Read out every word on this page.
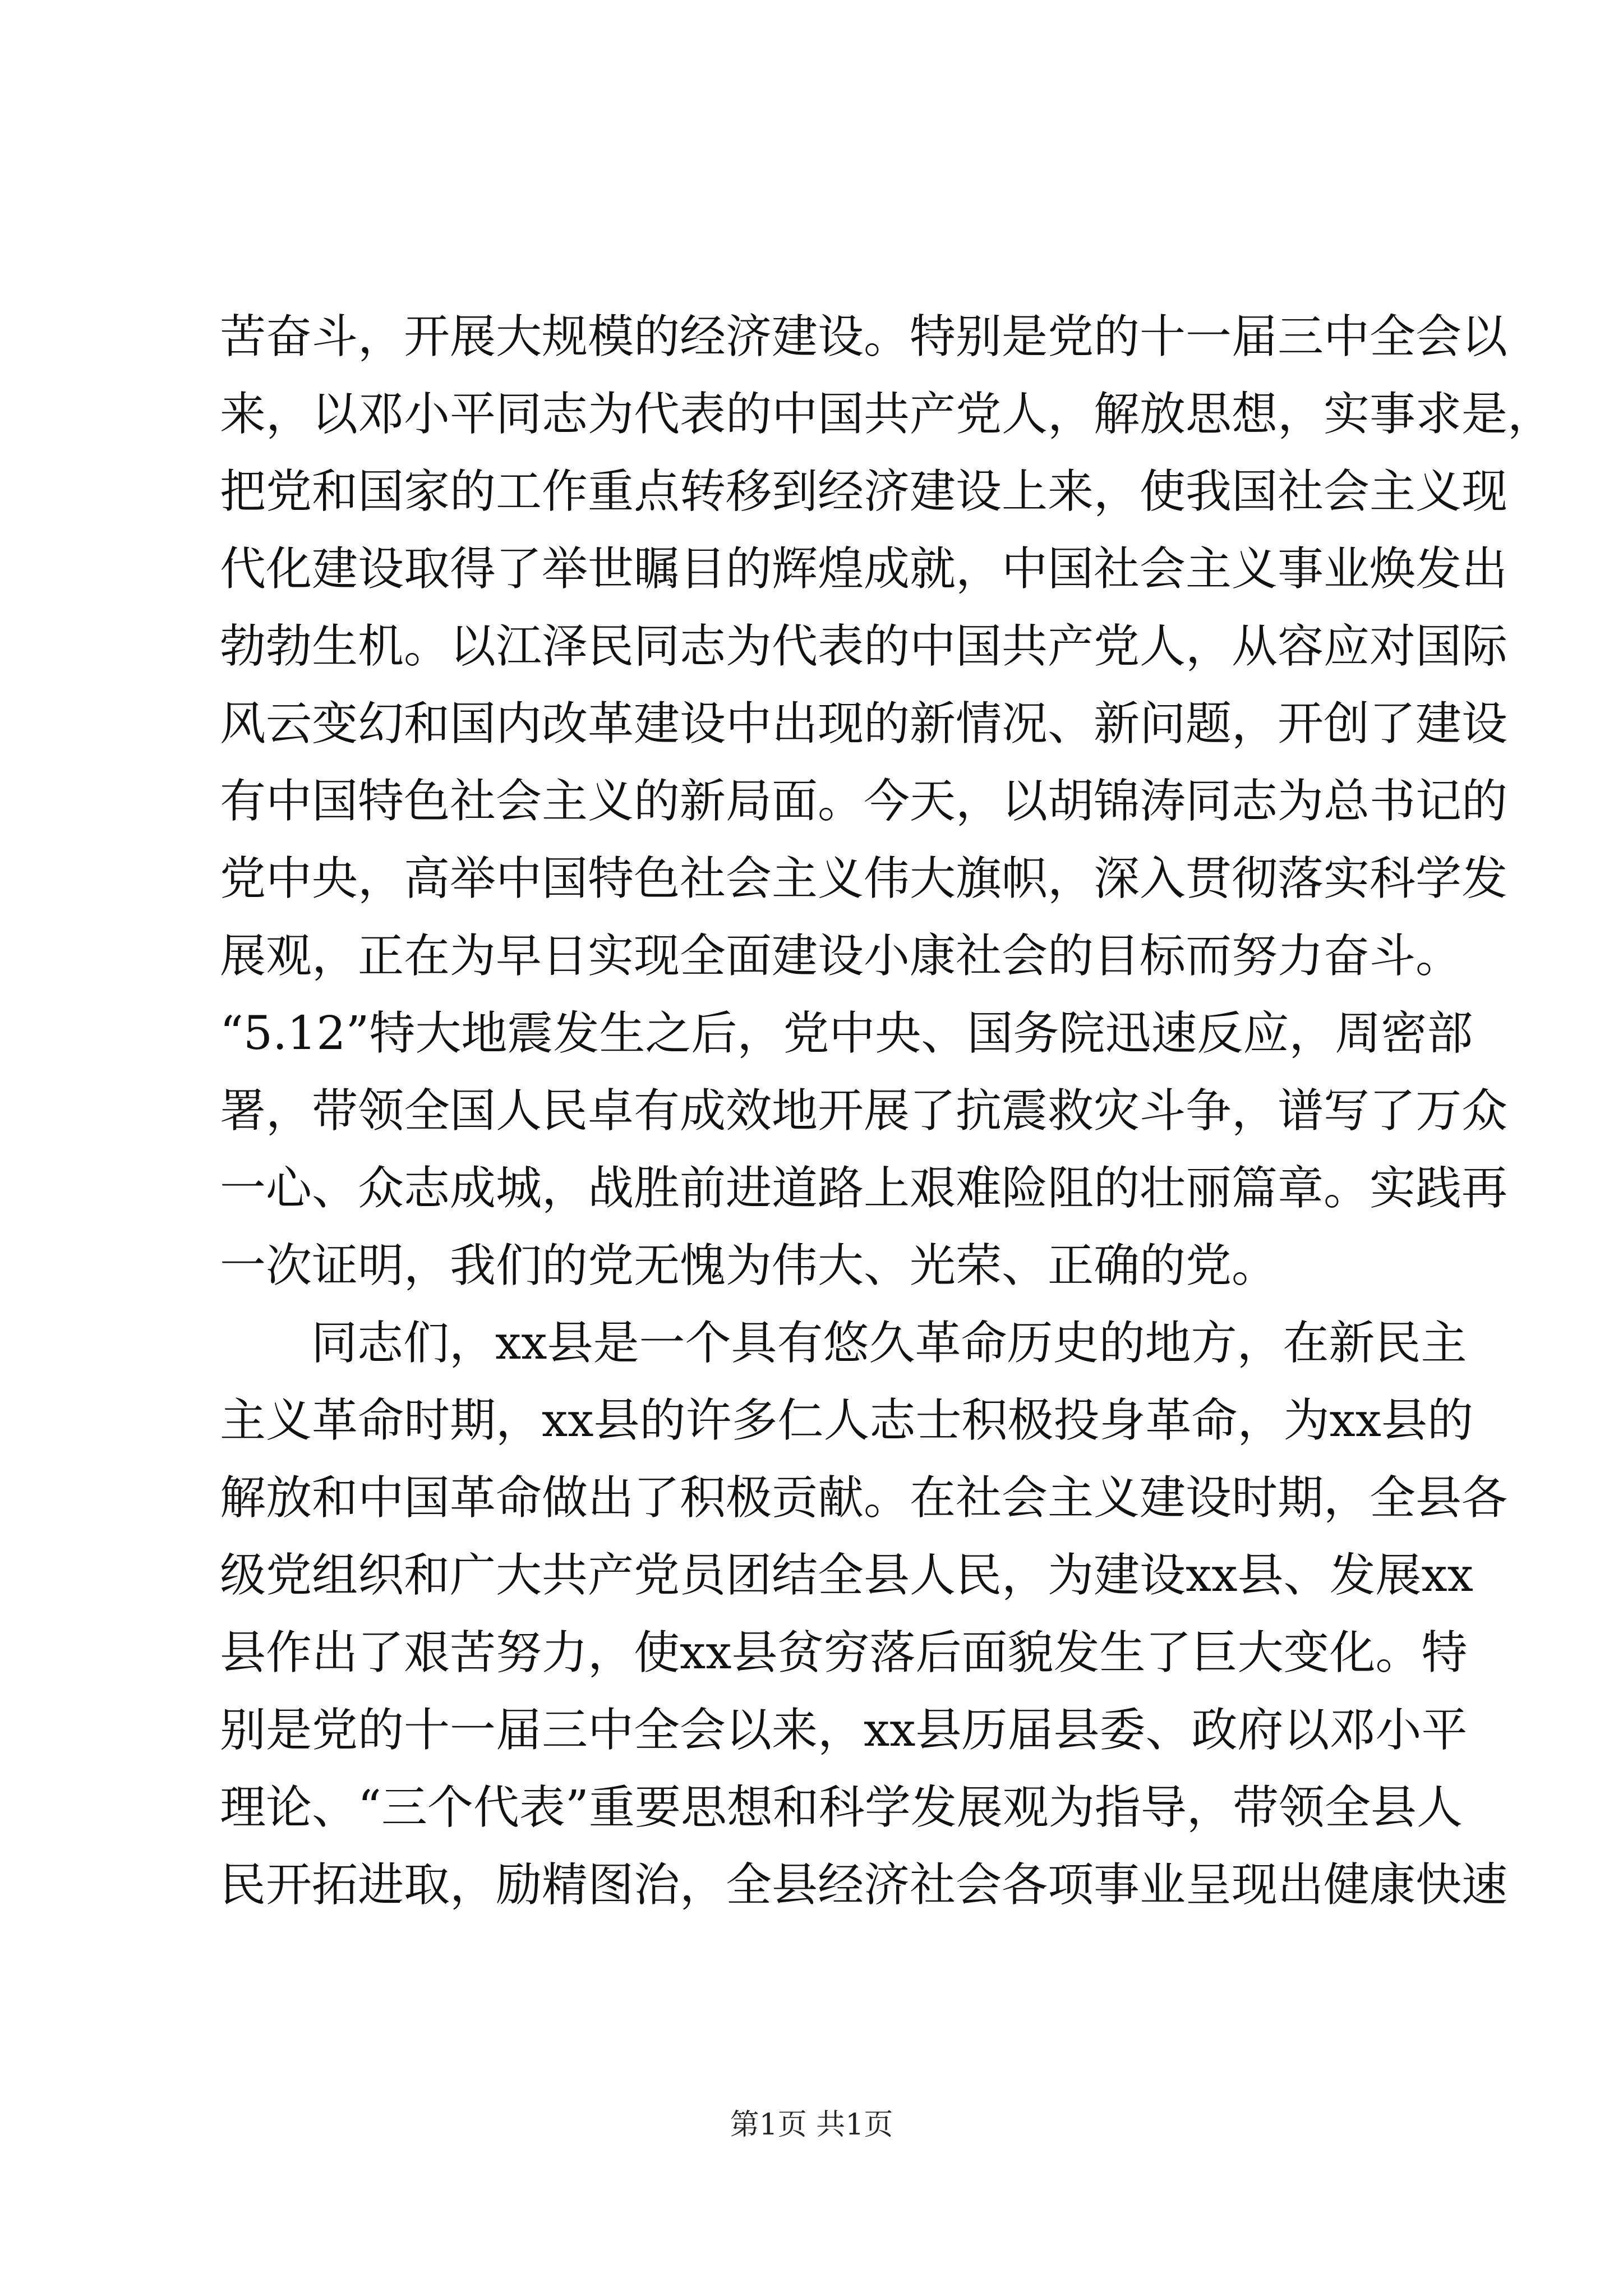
苦奋斗，开展大规模的经济建设。特别是党的十一届三中全会以
来，以邓小平同志为代表的中国共产党人，解放思想，实事求是，
把党和国家的工作重点转移到经济建设上来，使我国社会主义现
代化建设取得了举世瞩目的辉煌成就，中国社会主义事业焕发出
勃勃生机。以江泽民同志为代表的中国共产党人，从容应对国际
风云变幻和国内改革建设中出现的新情况、新问题，开创了建设
有中国特色社会主义的新局面。今天，以胡锦涛同志为总书记的
党中央，高举中国特色社会主义伟大旗帜，深入贯彻落实科学发
展观，正在为早日实现全面建设小康社会的目标而努力奋斗。
“5.12”特大地震发生之后，党中央、国务院迅速反应，周密部
署，带领全国人民卓有成效地开展了抗震救灾斗争，谱写了万众
一心、众志成城，战胜前进道路上艰难险阻的壮丽篇章。实践再
一次证明，我们的党无愧为伟大、光荣、正确的党。
同志们，xx县是一个具有悠久革命历史的地方，在新民主
主义革命时期，xx县的许多仁人志士积极投身革命，为xx县的
解放和中国革命做出了积极贡献。在社会主义建设时期，全县各
级党组织和广大共产党员团结全县人民，为建设xx县、发展xx
县作出了艰苦努力，使xx县贫穷落后面貌发生了巨大变化。特
别是党的十一届三中全会以来，xx县历届县委、政府以邓小平
理论、“三个代表”重要思想和科学发展观为指导，带领全县人
民开拓进取，励精图治，全县经济社会各项事业呈现出健康快速
第1页 共1页
